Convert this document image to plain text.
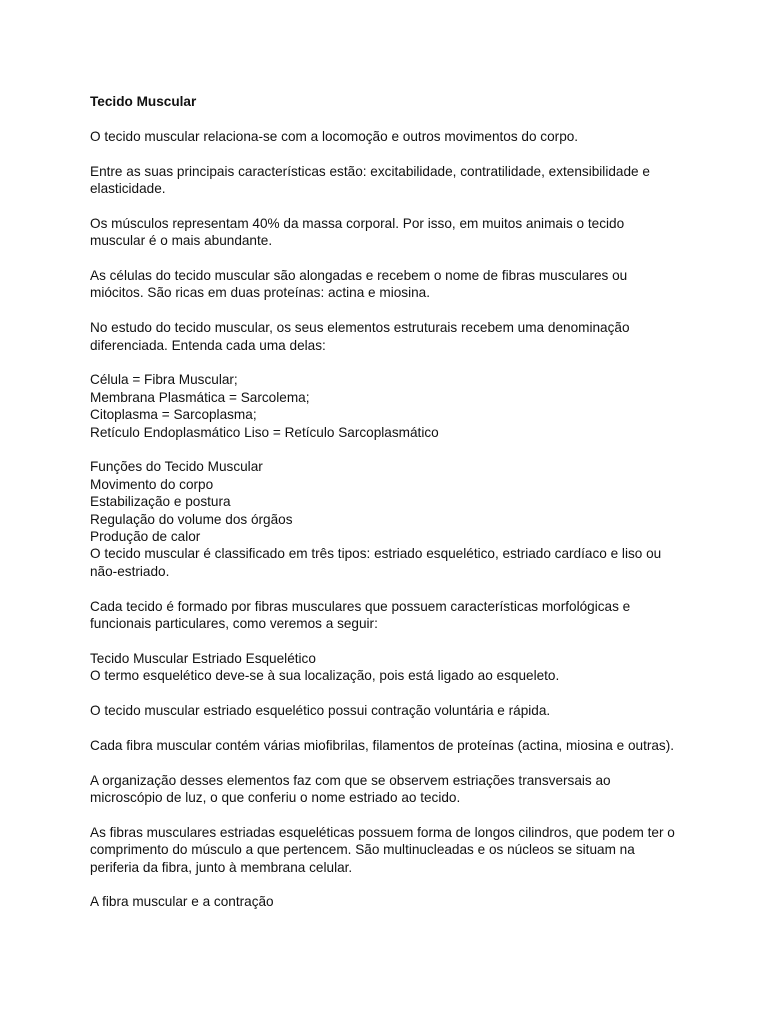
Tecido Muscular

O tecido muscular relaciona-se com a locomoção e outros movimentos do corpo.

Entre as suas principais características estão: excitabilidade, contratilidade, extensibilidade e elasticidade.

Os músculos representam 40% da massa corporal. Por isso, em muitos animais o tecido muscular é o mais abundante.

As células do tecido muscular são alongadas e recebem o nome de fibras musculares ou miócitos. São ricas em duas proteínas: actina e miosina.

No estudo do tecido muscular, os seus elementos estruturais recebem uma denominação diferenciada. Entenda cada uma delas:

Célula = Fibra Muscular;
Membrana Plasmática = Sarcolema;
Citoplasma = Sarcoplasma;
Retículo Endoplasmático Liso = Retículo Sarcoplasmático

Funções do Tecido Muscular
Movimento do corpo
Estabilização e postura
Regulação do volume dos órgãos
Produção de calor
O tecido muscular é classificado em três tipos: estriado esquelético, estriado cardíaco e liso ou não-estriado.

Cada tecido é formado por fibras musculares que possuem características morfológicas e funcionais particulares, como veremos a seguir:

Tecido Muscular Estriado Esquelético
O termo esquelético deve-se à sua localização, pois está ligado ao esqueleto.

O tecido muscular estriado esquelético possui contração voluntária e rápida.

Cada fibra muscular contém várias miofibrilas, filamentos de proteínas (actina, miosina e outras).

A organização desses elementos faz com que se observem estriações transversais ao microscópio de luz, o que conferiu o nome estriado ao tecido.

As fibras musculares estriadas esqueléticas possuem forma de longos cilindros, que podem ter o comprimento do músculo a que pertencem. São multinucleadas e os núcleos se situam na periferia da fibra, junto à membrana celular.

A fibra muscular e a contração
